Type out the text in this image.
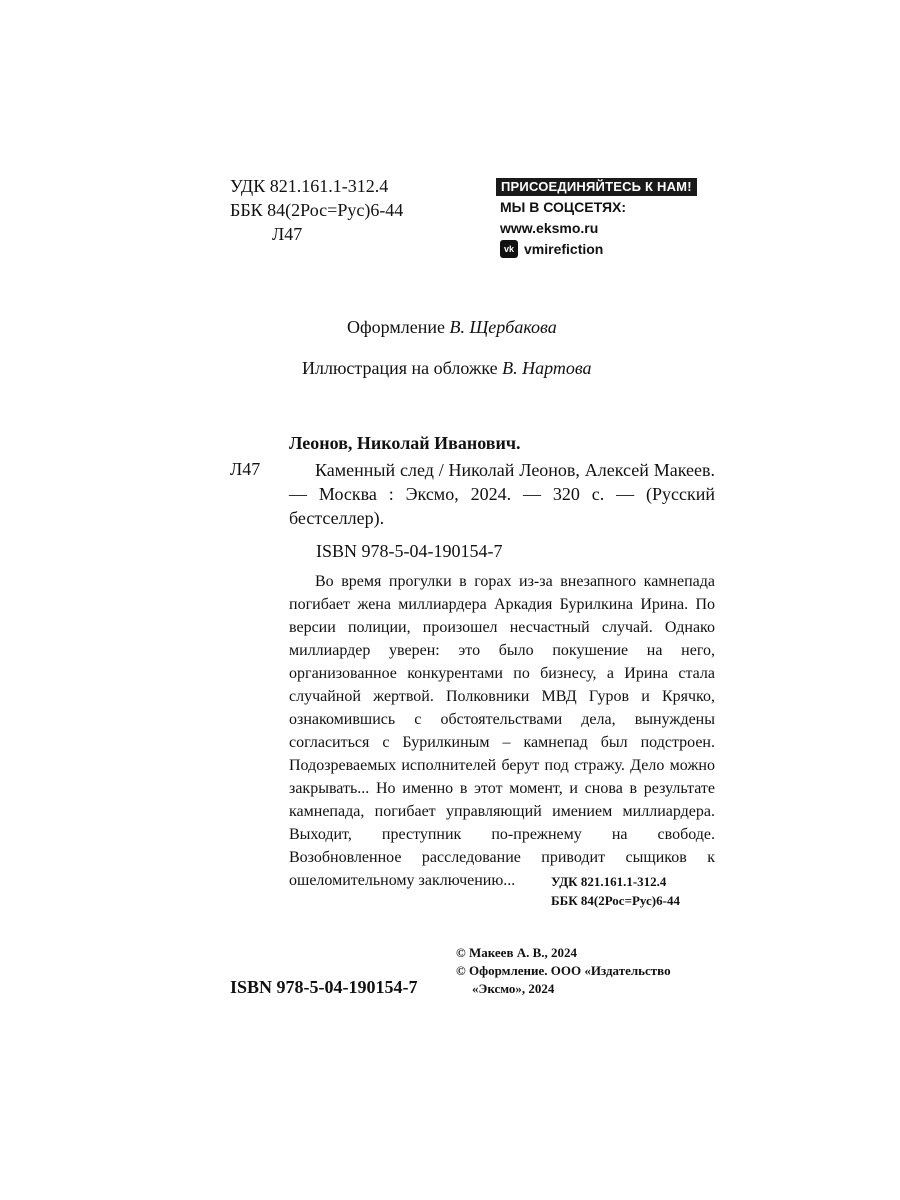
УДК 821.161.1-312.4
ББК 84(2Рос=Рус)6-44
Л47
ПРИСОЕДИНЯЙТЕСЬ К НАМ!
МЫ В СОЦСЕТЯХ:
www.eksmo.ru
vk vmirefiction
Оформление В. Щербакова
Иллюстрация на обложке В. Нартова
Леонов, Николай Иванович.
Л47	Каменный след / Николай Леонов, Алексей Макеев. — Москва : Эксмо, 2024. — 320 с. — (Русский бестселлер).
ISBN 978-5-04-190154-7
Во время прогулки в горах из-за внезапного камнепада погибает жена миллиардера Аркадия Бурилкина Ирина. По версии полиции, произошел несчастный случай. Однако миллиардер уверен: это было покушение на него, организованное конкурентами по бизнесу, а Ирина стала случайной жертвой. Полковники МВД Гуров и Крячко, ознакомившись с обстоятельствами дела, вынуждены согласиться с Бурилкиным – камнепад был подстроен. Подозреваемых исполнителей берут под стражу. Дело можно закрывать... Но именно в этот момент, и снова в результате камнепада, погибает управляющий имением миллиардера. Выходит, преступник по-прежнему на свободе. Возобновленное расследование приводит сыщиков к ошеломительному заключению...	УДК 821.161.1-312.4
ББК 84(2Рос=Рус)6-44
© Макеев А. В., 2024
© Оформление. ООО «Издательство
«Эксмо», 2024
ISBN 978-5-04-190154-7
